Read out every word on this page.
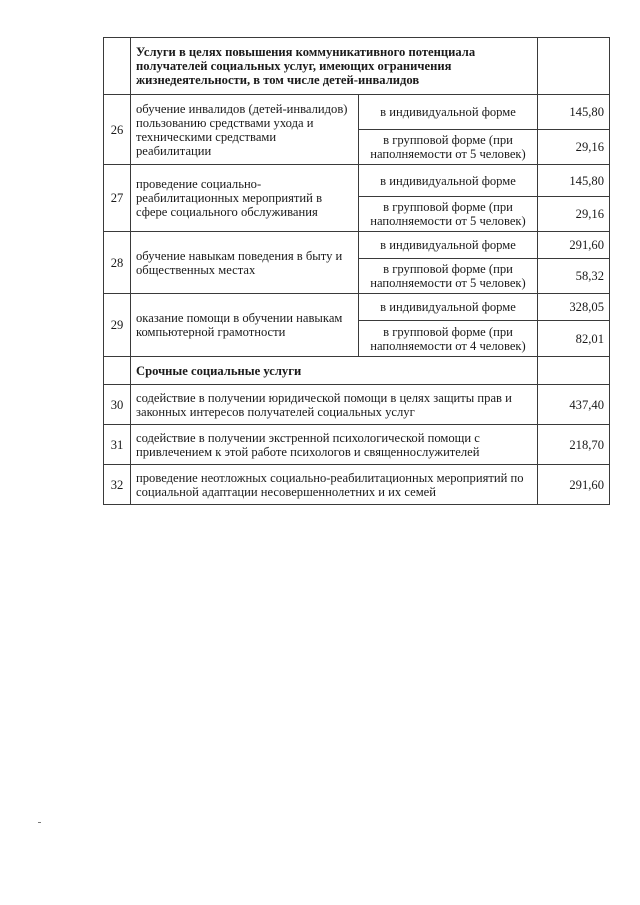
	Услуги в целях повышения коммуникативного потенциала получателей социальных услуг, имеющих ограничения жизнедеятельности, в том числе детей-инвалидов		
26	обучение инвалидов (детей-инвалидов) пользованию средствами ухода и техническими средствами реабилитации	в индивидуальной форме	145,80
		в групповой форме (при наполняемости от 5 человек)	29,16
27	проведение социально-реабилитационных мероприятий в сфере социального обслуживания	в индивидуальной форме	145,80
		в групповой форме (при наполняемости от 5 человек)	29,16
28	обучение навыкам поведения в быту и общественных местах	в индивидуальной форме	291,60
		в групповой форме (при наполняемости от 5 человек)	58,32
29	оказание помощи в обучении навыкам компьютерной грамотности	в индивидуальной форме	328,05
		в групповой форме (при наполняемости от 4 человек)	82,01
	Срочные социальные услуги		
30	содействие в получении юридической помощи в целях защиты прав и законных интересов получателей социальных услуг		437,40
31	содействие в получении экстренной психологической помощи с привлечением к этой работе психологов и священнослужителей		218,70
32	проведение неотложных социально-реабилитационных мероприятий по социальной адаптации несовершеннолетних и их семей		291,60
